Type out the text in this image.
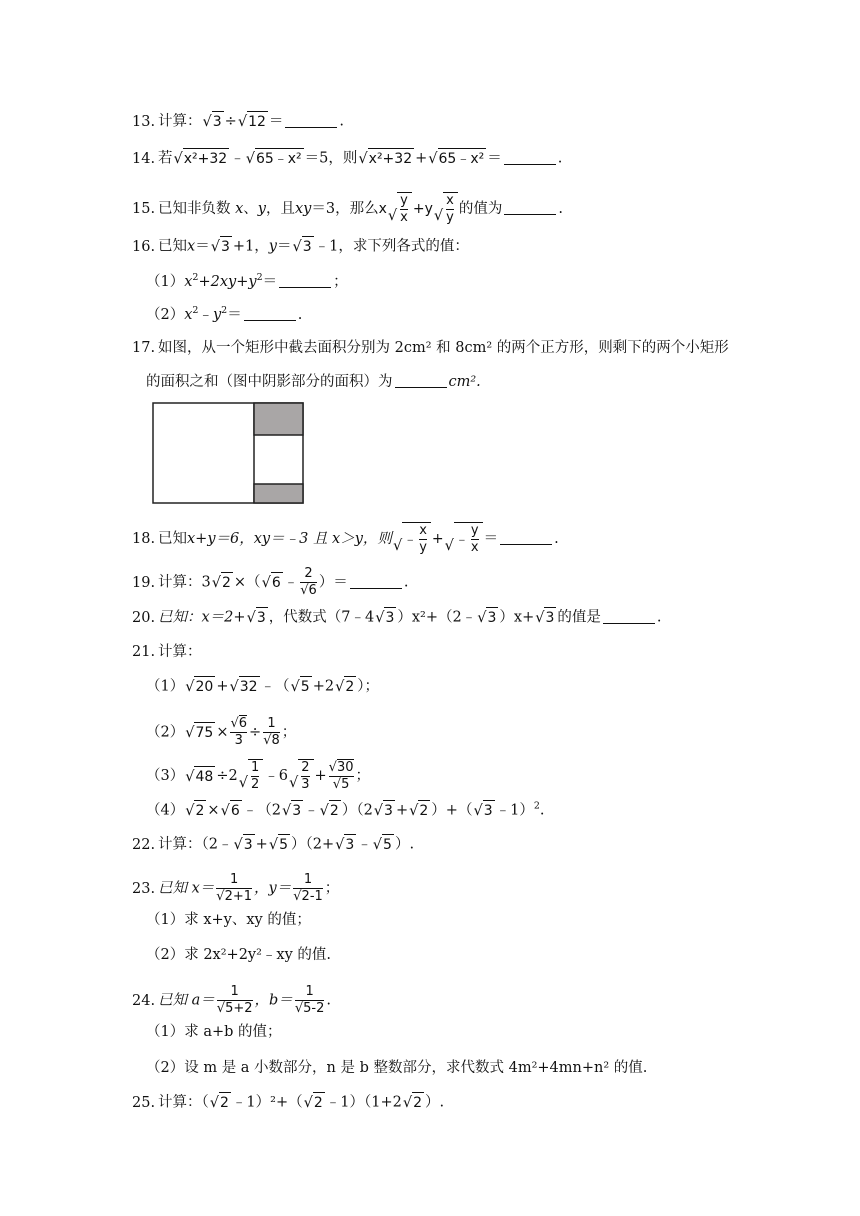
13. 计算：√3 ÷√12 ＝	.
14. 若√x²+32 ﹣√65﹣x² ＝5，则√x²+32 +√65﹣x² ＝	.
15. 已知非负数 x、y，且xy＝3，那么$x√ \frac{y}{x} +y√ \frac{x}{y}$ 的值为	.
16. 已知x＝√3 +1，y＝√3 ﹣1，求下列各式的值：
$(1)x^2+2xy+y^2=$	；
$(2)x^2﹣y^2=$	.
17. 如图，从一个矩形中截去面积分别为 2cm² 和 8cm² 的两个正方形，则剩下的两个小矩形
的面积之和（图中阴影部分的面积）为	cm².
18. 已知x+y＝6，xy＝﹣3 且 x＞y，则√﹣ $\frac{x}{y}$ +√﹣ $\frac{y}{x}$ ＝	.
19. 计算：3√2 ×（√6 ﹣ $\frac{2}{√6}$ ）＝	.
20. 已知：x＝2+√3 ，代数式（7﹣4√3 ）x²+（2﹣√3 ）x+√3 的值是	.
21. 计算：
（1）√20 +√32 ﹣（√5 +2√2 ）；
$(2)√75 \times \frac{√6}{3} \div \frac{1}{√8}$ ；
$(3)√48 \div 2√ \frac{1}{2}$ ﹣6√ $\frac{2}{3} + \frac{√30}{√5}$ ；
（4）√2 ×√6 ﹣（2√3 ﹣√2 ）（2√3 +√2 ）+（√3 ﹣1）$^2$.
22. 计算：（2﹣√3 +√5 ）（2+√3 ﹣√5 ）.
23. 已知 $x= \frac{1}{√2+1}$ ，$y= \frac{1}{√2-1}$ ；
（1）求 x+y、xy 的值；
（2）求 2x²+2y²﹣xy 的值.
24. 已知 $a= \frac{1}{√5+2}$ ，$b= \frac{1}{√5-2}$ .
（1）求 a+b 的值；
（2）设 m 是 a 小数部分，n 是 b 整数部分，求代数式 4m²+4mn+n² 的值.
25. 计算：（√2 ﹣1）²+（√2 ﹣1）（1+2√2 ）.
